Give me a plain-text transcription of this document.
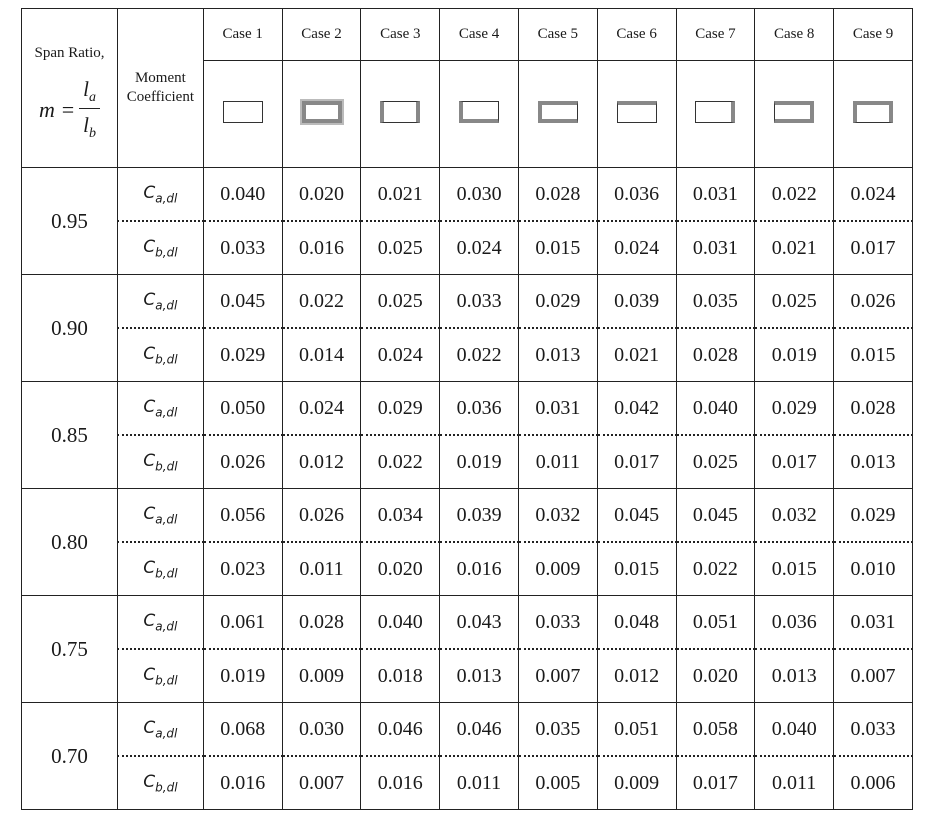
Span Ratio,
$m = \frac{l_a}{l_b}$	Moment Coefficient	Case 1	Case 2	Case 3	Case 4	Case 5	Case 6	Case 7	Case 8	Case 9

0.95	$C_{a,dl}$	0.040	0.020	0.021	0.030	0.028	0.036	0.031	0.022	0.024
	$C_{b,dl}$	0.033	0.016	0.025	0.024	0.015	0.024	0.031	0.021	0.017
0.90	$C_{a,dl}$	0.045	0.022	0.025	0.033	0.029	0.039	0.035	0.025	0.026
	$C_{b,dl}$	0.029	0.014	0.024	0.022	0.013	0.021	0.028	0.019	0.015
0.85	$C_{a,dl}$	0.050	0.024	0.029	0.036	0.031	0.042	0.040	0.029	0.028
	$C_{b,dl}$	0.026	0.012	0.022	0.019	0.011	0.017	0.025	0.017	0.013
0.80	$C_{a,dl}$	0.056	0.026	0.034	0.039	0.032	0.045	0.045	0.032	0.029
	$C_{b,dl}$	0.023	0.011	0.020	0.016	0.009	0.015	0.022	0.015	0.010
0.75	$C_{a,dl}$	0.061	0.028	0.040	0.043	0.033	0.048	0.051	0.036	0.031
	$C_{b,dl}$	0.019	0.009	0.018	0.013	0.007	0.012	0.020	0.013	0.007
0.70	$C_{a,dl}$	0.068	0.030	0.046	0.046	0.035	0.051	0.058	0.040	0.033
	$C_{b,dl}$	0.016	0.007	0.016	0.011	0.005	0.009	0.017	0.011	0.006
